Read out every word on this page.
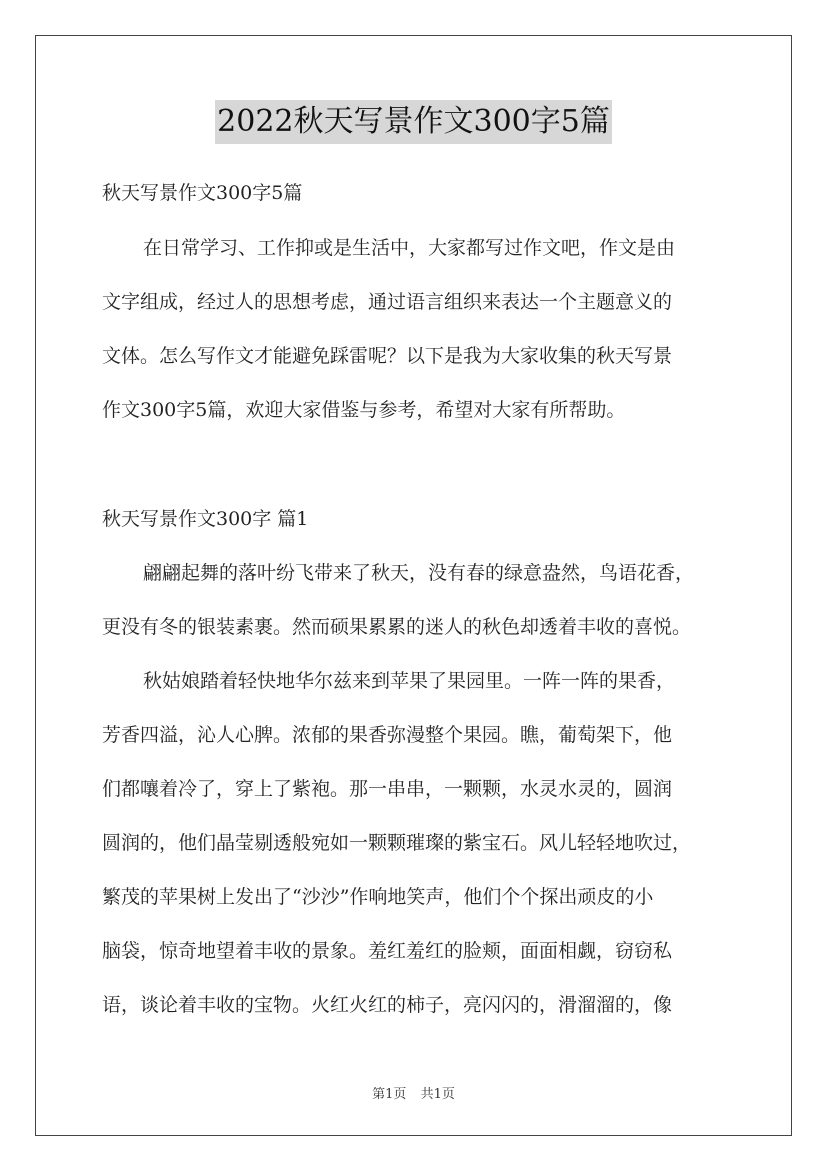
2022秋天写景作文300字5篇
秋天写景作文300字5篇
在日常学习、工作抑或是生活中，大家都写过作文吧，作文是由
文字组成，经过人的思想考虑，通过语言组织来表达一个主题意义的
文体。怎么写作文才能避免踩雷呢？以下是我为大家收集的秋天写景
作文300字5篇，欢迎大家借鉴与参考，希望对大家有所帮助。
秋天写景作文300字 篇1
翩翩起舞的落叶纷飞带来了秋天，没有春的绿意盎然，鸟语花香，
更没有冬的银装素裹。然而硕果累累的迷人的秋色却透着丰收的喜悦。
秋姑娘踏着轻快地华尔兹来到苹果了果园里。一阵一阵的果香，
芳香四溢，沁人心脾。浓郁的果香弥漫整个果园。瞧，葡萄架下，他
们都嚷着冷了，穿上了紫袍。那一串串，一颗颗，水灵水灵的，圆润
圆润的，他们晶莹剔透般宛如一颗颗璀璨的紫宝石。风儿轻轻地吹过，
繁茂的苹果树上发出了“沙沙”作响地笑声，他们个个探出顽皮的小
脑袋，惊奇地望着丰收的景象。羞红羞红的脸颊，面面相觑，窃窃私
语，谈论着丰收的宝物。火红火红的柿子，亮闪闪的，滑溜溜的，像
第1页 共1页
